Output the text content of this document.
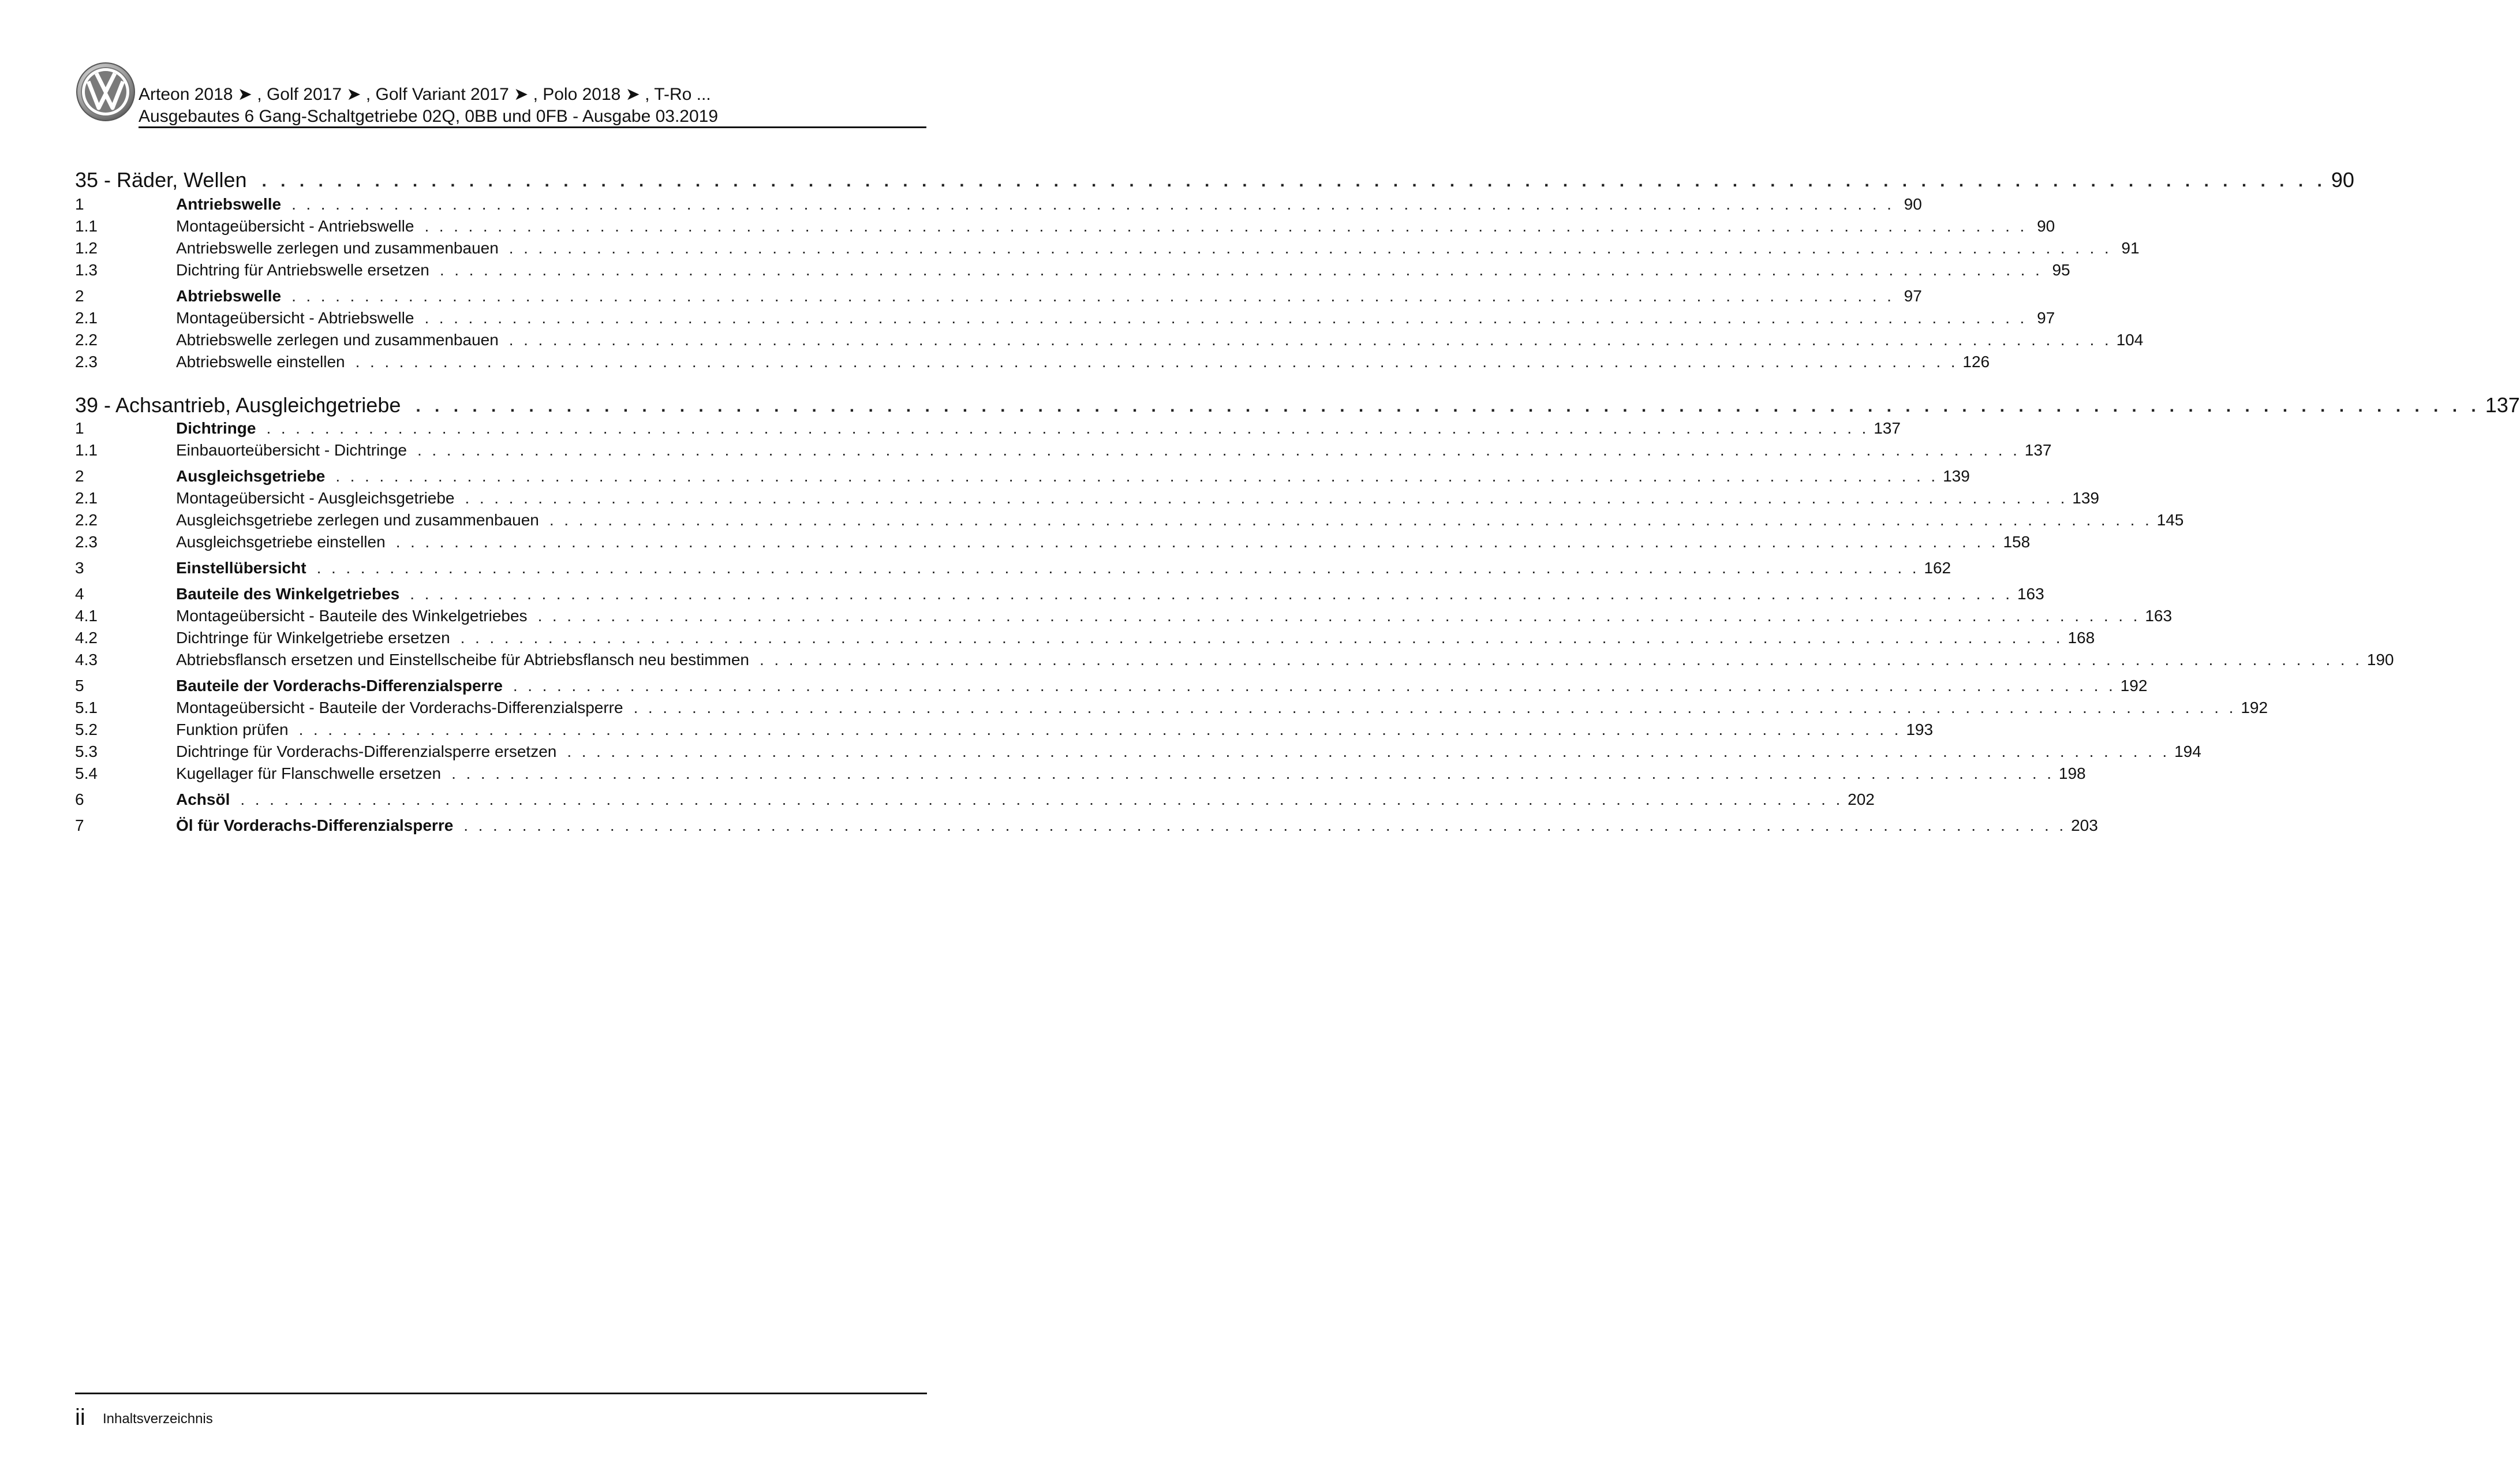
Arteon 2018 ➤ , Golf 2017 ➤ , Golf Variant 2017 ➤ , Polo 2018 ➤ , T-Ro ...
Ausgebautes 6 Gang-Schaltgetriebe 02Q, 0BB und 0FB - Ausgabe 03.2019
35 - Räder, Wellen . . . . . . . . . . . . . . . . . . . . . . . . . . . . . . . . . . . . . . . . . . . . . . . . . . . . . . . . . . . . . . . . . . . . . . . . . . . . . . . . . . . . . . . . . . . . . . . . . . . . . . . . . . . . . . 90
1	Antriebswelle . . . . . . . . . . . . . . . . . . . . . . . . . . . . . . . . . . . . . . . . . . . . . . . . . . . . . . . . . . . . . . . . . . . . . . . . . . . . . . . . . . . . . . . . . . . . . . . . . . . . . . . . . . . . . . 90
1.1	Montageübersicht - Antriebswelle . . . . . . . . . . . . . . . . . . . . . . . . . . . . . . . . . . . . . . . . . . . . . . . . . . . . . . . . . . . . . . . . . . . . . . . . . . . . . . . . . . . . . . . . . . . . . . . . . . . . . . . . . . . . . . 90
1.2	Antriebswelle zerlegen und zusammenbauen . . . . . . . . . . . . . . . . . . . . . . . . . . . . . . . . . . . . . . . . . . . . . . . . . . . . . . . . . . . . . . . . . . . . . . . . . . . . . . . . . . . . . . . . . . . . . . . . . . . . . . . . . . . . . . 91
1.3	Dichtring für Antriebswelle ersetzen . . . . . . . . . . . . . . . . . . . . . . . . . . . . . . . . . . . . . . . . . . . . . . . . . . . . . . . . . . . . . . . . . . . . . . . . . . . . . . . . . . . . . . . . . . . . . . . . . . . . . . . . . . . . . . 95
2	Abtriebswelle . . . . . . . . . . . . . . . . . . . . . . . . . . . . . . . . . . . . . . . . . . . . . . . . . . . . . . . . . . . . . . . . . . . . . . . . . . . . . . . . . . . . . . . . . . . . . . . . . . . . . . . . . . . . . . 97
2.1	Montageübersicht - Abtriebswelle . . . . . . . . . . . . . . . . . . . . . . . . . . . . . . . . . . . . . . . . . . . . . . . . . . . . . . . . . . . . . . . . . . . . . . . . . . . . . . . . . . . . . . . . . . . . . . . . . . . . . . . . . . . . . . 97
2.2	Abtriebswelle zerlegen und zusammenbauen . . . . . . . . . . . . . . . . . . . . . . . . . . . . . . . . . . . . . . . . . . . . . . . . . . . . . . . . . . . . . . . . . . . . . . . . . . . . . . . . . . . . . . . . . . . . . . . . . . . . . . . . . . . . . . 104
2.3	Abtriebswelle einstellen . . . . . . . . . . . . . . . . . . . . . . . . . . . . . . . . . . . . . . . . . . . . . . . . . . . . . . . . . . . . . . . . . . . . . . . . . . . . . . . . . . . . . . . . . . . . . . . . . . . . . . . . . . . . . . 126
39 - Achsantrieb, Ausgleichgetriebe . . . . . . . . . . . . . . . . . . . . . . . . . . . . . . . . . . . . . . . . . . . . . . . . . . . . . . . . . . . . . . . . . . . . . . . . . . . . . . . . . . . . . . . . . . . . . . . . . . . . . . . . . . . . . . 137
1	Dichtringe . . . . . . . . . . . . . . . . . . . . . . . . . . . . . . . . . . . . . . . . . . . . . . . . . . . . . . . . . . . . . . . . . . . . . . . . . . . . . . . . . . . . . . . . . . . . . . . . . . . . . . . . . . . . . . 137
1.1	Einbauorteübersicht - Dichtringe . . . . . . . . . . . . . . . . . . . . . . . . . . . . . . . . . . . . . . . . . . . . . . . . . . . . . . . . . . . . . . . . . . . . . . . . . . . . . . . . . . . . . . . . . . . . . . . . . . . . . . . . . . . . . . 137
2	Ausgleichsgetriebe . . . . . . . . . . . . . . . . . . . . . . . . . . . . . . . . . . . . . . . . . . . . . . . . . . . . . . . . . . . . . . . . . . . . . . . . . . . . . . . . . . . . . . . . . . . . . . . . . . . . . . . . . . . . . . 139
2.1	Montageübersicht - Ausgleichsgetriebe . . . . . . . . . . . . . . . . . . . . . . . . . . . . . . . . . . . . . . . . . . . . . . . . . . . . . . . . . . . . . . . . . . . . . . . . . . . . . . . . . . . . . . . . . . . . . . . . . . . . . . . . . . . . . . 139
2.2	Ausgleichsgetriebe zerlegen und zusammenbauen . . . . . . . . . . . . . . . . . . . . . . . . . . . . . . . . . . . . . . . . . . . . . . . . . . . . . . . . . . . . . . . . . . . . . . . . . . . . . . . . . . . . . . . . . . . . . . . . . . . . . . . . . . . . . . 145
2.3	Ausgleichsgetriebe einstellen . . . . . . . . . . . . . . . . . . . . . . . . . . . . . . . . . . . . . . . . . . . . . . . . . . . . . . . . . . . . . . . . . . . . . . . . . . . . . . . . . . . . . . . . . . . . . . . . . . . . . . . . . . . . . . 158
3	Einstellübersicht . . . . . . . . . . . . . . . . . . . . . . . . . . . . . . . . . . . . . . . . . . . . . . . . . . . . . . . . . . . . . . . . . . . . . . . . . . . . . . . . . . . . . . . . . . . . . . . . . . . . . . . . . . . . . . 162
4	Bauteile des Winkelgetriebes . . . . . . . . . . . . . . . . . . . . . . . . . . . . . . . . . . . . . . . . . . . . . . . . . . . . . . . . . . . . . . . . . . . . . . . . . . . . . . . . . . . . . . . . . . . . . . . . . . . . . . . . . . . . . . 163
4.1	Montageübersicht - Bauteile des Winkelgetriebes . . . . . . . . . . . . . . . . . . . . . . . . . . . . . . . . . . . . . . . . . . . . . . . . . . . . . . . . . . . . . . . . . . . . . . . . . . . . . . . . . . . . . . . . . . . . . . . . . . . . . . . . . . . . . . 163
4.2	Dichtringe für Winkelgetriebe ersetzen . . . . . . . . . . . . . . . . . . . . . . . . . . . . . . . . . . . . . . . . . . . . . . . . . . . . . . . . . . . . . . . . . . . . . . . . . . . . . . . . . . . . . . . . . . . . . . . . . . . . . . . . . . . . . . 168
4.3	Abtriebsflansch ersetzen und Einstellscheibe für Abtriebsflansch neu bestimmen . . . . . . . . . . . . . . . . . . . . . . . . . . . . . . . . . . . . . . . . . . . . . . . . . . . . . . . . . . . . . . . . . . . . . . . . . . . . . . . . . . . . . . . . . . . . . . . . . . . . . . . . . . . . . . 190
5	Bauteile der Vorderachs-Differenzialsperre . . . . . . . . . . . . . . . . . . . . . . . . . . . . . . . . . . . . . . . . . . . . . . . . . . . . . . . . . . . . . . . . . . . . . . . . . . . . . . . . . . . . . . . . . . . . . . . . . . . . . . . . . . . . . . 192
5.1	Montageübersicht - Bauteile der Vorderachs-Differenzialsperre . . . . . . . . . . . . . . . . . . . . . . . . . . . . . . . . . . . . . . . . . . . . . . . . . . . . . . . . . . . . . . . . . . . . . . . . . . . . . . . . . . . . . . . . . . . . . . . . . . . . . . . . . . . . . . 192
5.2	Funktion prüfen . . . . . . . . . . . . . . . . . . . . . . . . . . . . . . . . . . . . . . . . . . . . . . . . . . . . . . . . . . . . . . . . . . . . . . . . . . . . . . . . . . . . . . . . . . . . . . . . . . . . . . . . . . . . . . 193
5.3	Dichtringe für Vorderachs-Differenzialsperre ersetzen . . . . . . . . . . . . . . . . . . . . . . . . . . . . . . . . . . . . . . . . . . . . . . . . . . . . . . . . . . . . . . . . . . . . . . . . . . . . . . . . . . . . . . . . . . . . . . . . . . . . . . . . . . . . . . 194
5.4	Kugellager für Flanschwelle ersetzen . . . . . . . . . . . . . . . . . . . . . . . . . . . . . . . . . . . . . . . . . . . . . . . . . . . . . . . . . . . . . . . . . . . . . . . . . . . . . . . . . . . . . . . . . . . . . . . . . . . . . . . . . . . . . . 198
6	Achsöl . . . . . . . . . . . . . . . . . . . . . . . . . . . . . . . . . . . . . . . . . . . . . . . . . . . . . . . . . . . . . . . . . . . . . . . . . . . . . . . . . . . . . . . . . . . . . . . . . . . . . . . . . . . . . . 202
7	Öl für Vorderachs-Differenzialsperre . . . . . . . . . . . . . . . . . . . . . . . . . . . . . . . . . . . . . . . . . . . . . . . . . . . . . . . . . . . . . . . . . . . . . . . . . . . . . . . . . . . . . . . . . . . . . . . . . . . . . . . . . . . . . . 203
ii Inhaltsverzeichnis
